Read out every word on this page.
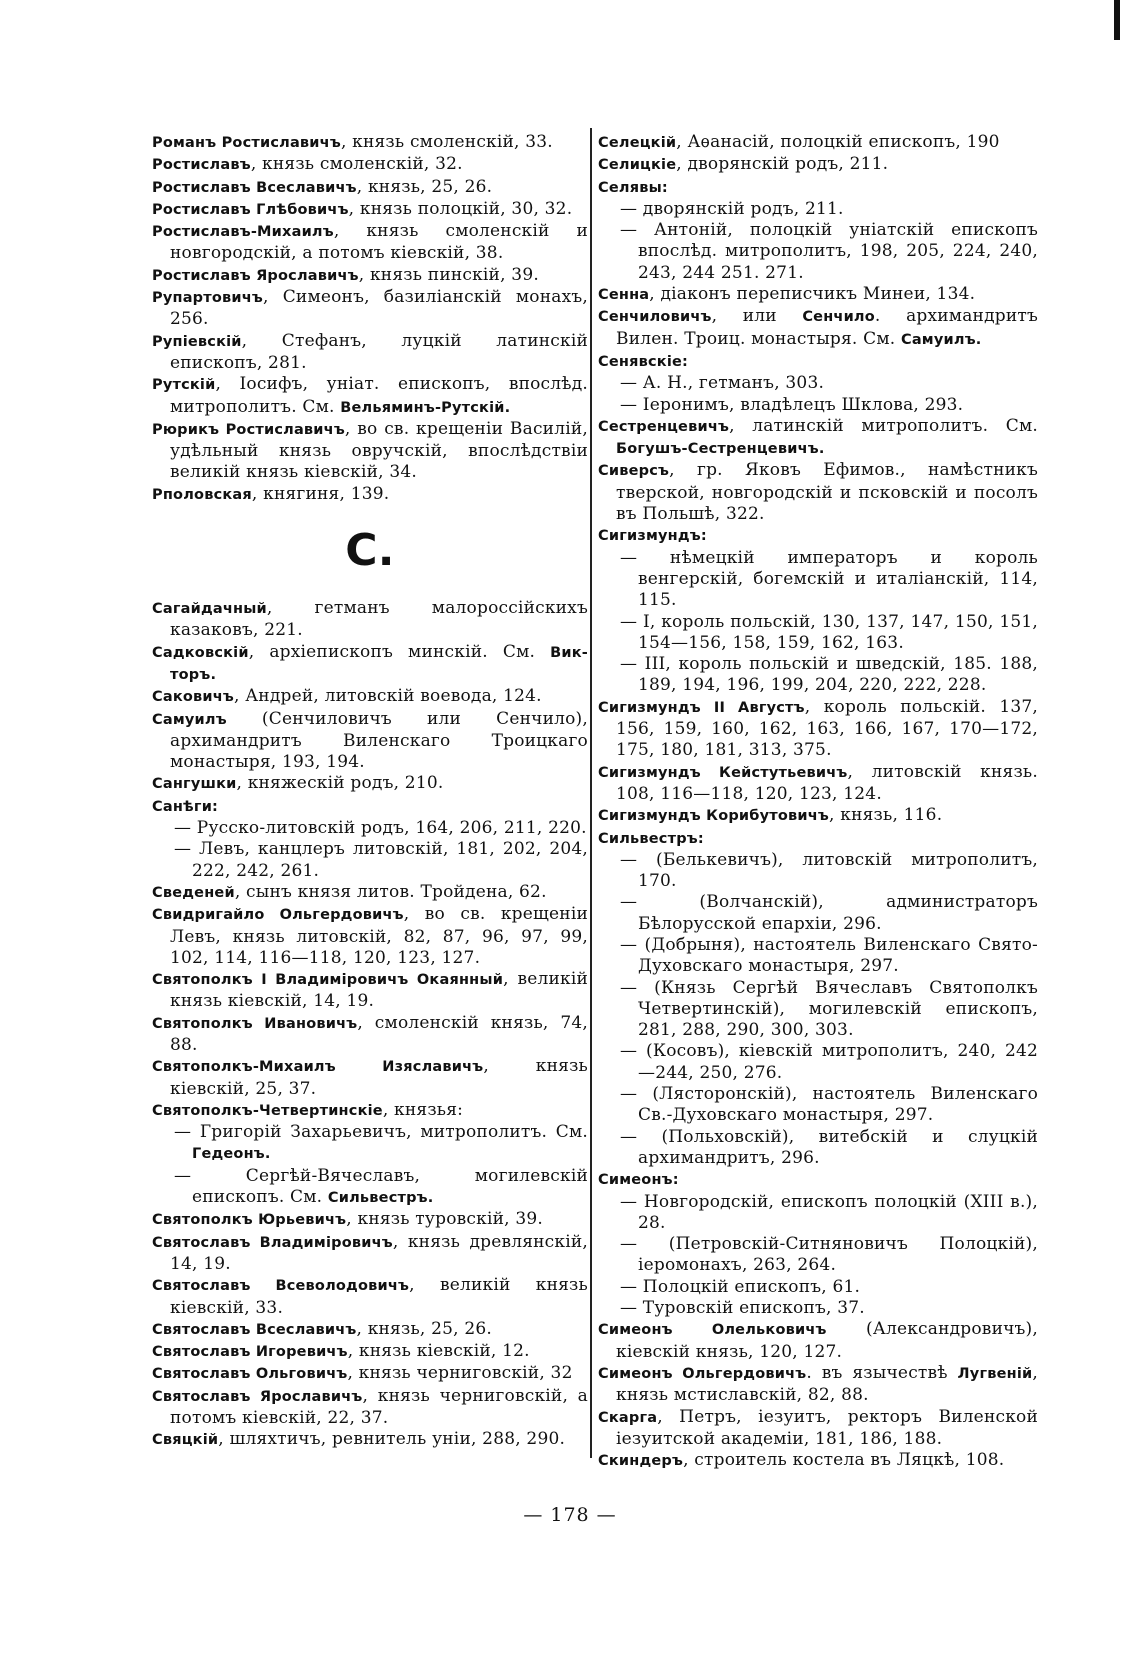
Романъ Ростиславичъ, князь смоленскій, 33.
Ростиславъ, князь смоленскій, 32.
Ростиславъ Всеславичъ, князь, 25, 26.
Ростиславъ Глѣбовичъ, князь полоцкій, 30, 32.
Ростиславъ-Михаилъ, князь смоленскій и новгородскій, а потомъ кіевскій, 38.
Ростиславъ Ярославичъ, князь пинскій, 39.
Рупартовичъ, Симеонъ, базиліанскій монахъ, 256.
Рупіевскій, Стефанъ, луцкій латинскій епископъ, 281.
Рутскій, Іосифъ, уніат. епископъ, впослѣд. митрополитъ. См. Вельяминъ-Рутскій.
Рюрикъ Ростиславичъ, во св. крещеніи Василій, удѣльный князь овручскій, впослѣдствіи великій князь кіевскій, 34.
Рполовская, княгиня, 139.
С.
Сагайдачный, гетманъ малороссійскихъ казаковъ, 221.
Садковскій, архіепископъ минскій. См. Вик-торъ.
Саковичъ, Андрей, литовскій воевода, 124.
Самуилъ (Сенчиловичъ или Сенчило), архимандритъ Виленскаго Троицкаго монастыря, 193, 194.
Сангушки, княжескій родъ, 210.
Санѣги:
— Русско-литовскій родъ, 164, 206, 211, 220.
— Левъ, канцлеръ литовскій, 181, 202, 204, 222, 242, 261.
Сведеней, сынъ князя литов. Тройдена, 62.
Свидригайло Ольгердовичъ, во св. крещеніи Левъ, князь литовскій, 82, 87, 96, 97, 99, 102, 114, 116—118, 120, 123, 127.
Святополкъ I Владиміровичъ Окаянный, великій князь кіевскій, 14, 19.
Святополкъ Ивановичъ, смоленскій князь, 74, 88.
Святополкъ-Михаилъ Изяславичъ, князь кіевскій, 25, 37.
Святополкъ-Четвертинскіе, князья:
— Григорій Захарьевичъ, митрополитъ. См. Гедеонъ.
— Сергѣй-Вячеславъ, могилевскій епископъ. См. Сильвестръ.
Святополкъ Юрьевичъ, князь туровскій, 39.
Святославъ Владиміровичъ, князь древлянскій, 14, 19.
Святославъ Всеволодовичъ, великій князь кіевскій, 33.
Святославъ Всеславичъ, князь, 25, 26.
Святославъ Игоревичъ, князь кіевскій, 12.
Святославъ Ольговичъ, князь черниговскій, 32
Святославъ Ярославичъ, князь черниговскій, а потомъ кіевскій, 22, 37.
Свяцкій, шляхтичъ, ревнитель уніи, 288, 290.
Селецкій, Аѳанасій, полоцкій епископъ, 190
Селицкіе, дворянскій родъ, 211.
Селявы:
— дворянскій родъ, 211.
— Антоній, полоцкій уніатскій епископъ впослѣд. митрополитъ, 198, 205, 224, 240, 243, 244 251. 271.
Сенна, діаконъ переписчикъ Минеи, 134.
Сенчиловичъ, или Сенчило. архимандритъ Вилен. Троиц. монастыря. См. Самуилъ.
Сенявскіе:
— А. Н., гетманъ, 303.
— Іеронимъ, владѣлецъ Шклова, 293.
Сестренцевичъ, латинскій митрополитъ. См. Богушъ-Сестренцевичъ.
Сиверсъ, гр. Яковъ Ефимов., намѣстникъ тверской, новгородскій и псковскій и посолъ въ Польшѣ, 322.
Сигизмундъ:
— нѣмецкій императоръ и король венгерскій, богемскій и италіанскій, 114, 115.
— I, король польскій, 130, 137, 147, 150, 151, 154—156, 158, 159, 162, 163.
— III, король польскій и шведскій, 185. 188, 189, 194, 196, 199, 204, 220, 222, 228.
Сигизмундъ II Августъ, король польскій. 137, 156, 159, 160, 162, 163, 166, 167, 170—172, 175, 180, 181, 313, 375.
Сигизмундъ Кейстутьевичъ, литовскій князь. 108, 116—118, 120, 123, 124.
Сигизмундъ Корибутовичъ, князь, 116.
Сильвестръ:
— (Белькевичъ), литовскій митрополитъ, 170.
— (Волчанскій), администраторъ Бѣлорусской епархіи, 296.
— (Добрыня), настоятель Виленскаго Свято-Духовскаго монастыря, 297.
— (Князь Сергѣй Вячеславъ Святополкъ Четвертинскій), могилевскій епископъ, 281, 288, 290, 300, 303.
— (Косовъ), кіевскій митрополитъ, 240, 242—244, 250, 276.
— (Лясторонскій), настоятель Виленскаго Св.-Духовскаго монастыря, 297.
— (Польховскій), витебскій и слуцкій архимандритъ, 296.
Симеонъ:
— Новгородскій, епископъ полоцкій (XIII в.), 28.
— (Петровскій-Ситняновичъ Полоцкій), іеромонахъ, 263, 264.
— Полоцкій епископъ, 61.
— Туровскій епископъ, 37.
Симеонъ Олельковичъ (Александровичъ), кіевскій князь, 120, 127.
Симеонъ Ольгердовичъ. въ язычествѣ Лугвеній, князь мстиславскій, 82, 88.
Скарга, Петръ, іезуитъ, ректоръ Виленской іезуитской академіи, 181, 186, 188.
Скиндеръ, строитель костела въ Ляцкѣ, 108.
— 178 —
